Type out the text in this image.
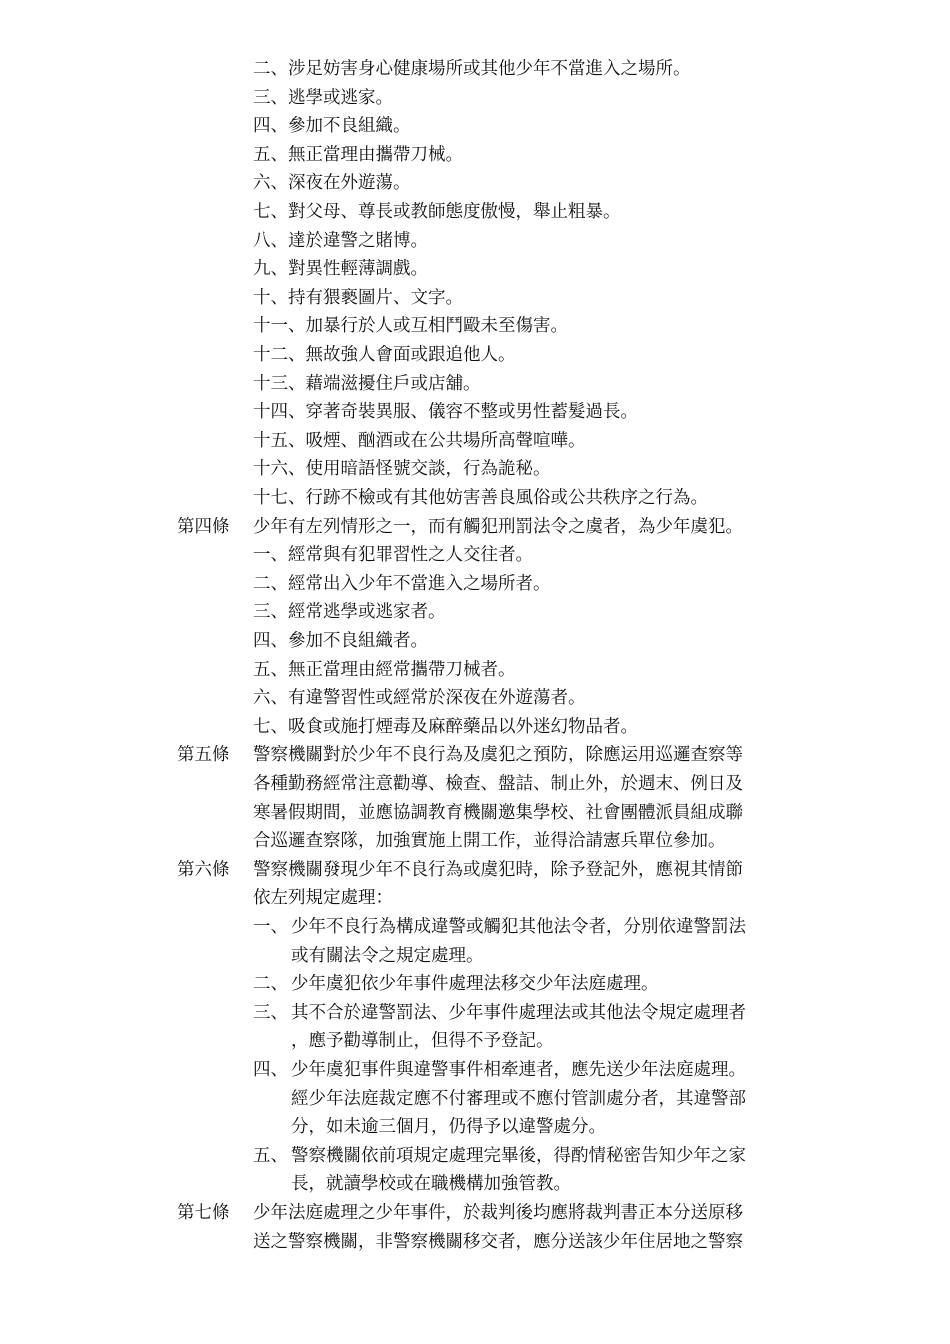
二、涉足妨害身心健康場所或其他少年不當進入之場所。
三、逃學或逃家。
四、參加不良組織。
五、無正當理由攜帶刀械。
六、深夜在外遊蕩。
七、對父母、尊長或教師態度傲慢，舉止粗暴。
八、達於違警之賭博。
九、對異性輕薄調戲。
十、持有猥褻圖片、文字。
十一、加暴行於人或互相鬥毆未至傷害。
十二、無故強人會面或跟追他人。
十三、藉端滋擾住戶或店舖。
十四、穿著奇裝異服、儀容不整或男性蓄髮過長。
十五、吸煙、酗酒或在公共場所高聲喧嘩。
十六、使用暗語怪號交談，行為詭秘。
十七、行跡不檢或有其他妨害善良風俗或公共秩序之行為。
第四條 少年有左列情形之一，而有觸犯刑罰法令之虞者，為少年虞犯。
一、經常與有犯罪習性之人交往者。
二、經常出入少年不當進入之場所者。
三、經常逃學或逃家者。
四、參加不良組織者。
五、無正當理由經常攜帶刀械者。
六、有違警習性或經常於深夜在外遊蕩者。
七、吸食或施打煙毒及麻醉藥品以外迷幻物品者。
第五條 警察機關對於少年不良行為及虞犯之預防，除應运用巡邏查察等
各種勤務經常注意勸導、檢查、盤詰、制止外，於週末、例日及
寒暑假期間，並應協調教育機關邀集學校、社會團體派員組成聯
合巡邏查察隊，加強實施上開工作，並得洽請憲兵單位參加。
第六條 警察機關發現少年不良行為或虞犯時，除予登記外，應視其情節
依左列規定處理：
一、 少年不良行為構成違警或觸犯其他法令者，分別依違警罰法
或有關法令之規定處理。
二、 少年虞犯依少年事件處理法移交少年法庭處理。
三、 其不合於違警罰法、少年事件處理法或其他法令規定處理者
，應予勸導制止，但得不予登記。
四、 少年虞犯事件與違警事件相牽連者，應先送少年法庭處理。
經少年法庭裁定應不付審理或不應付管訓處分者，其違警部
分，如未逾三個月，仍得予以違警處分。
五、 警察機關依前項規定處理完畢後，得酌情秘密告知少年之家
長，就讀學校或在職機構加強管教。
第七條 少年法庭處理之少年事件，於裁判後均應將裁判書正本分送原移
送之警察機關，非警察機關移交者，應分送該少年住居地之警察
